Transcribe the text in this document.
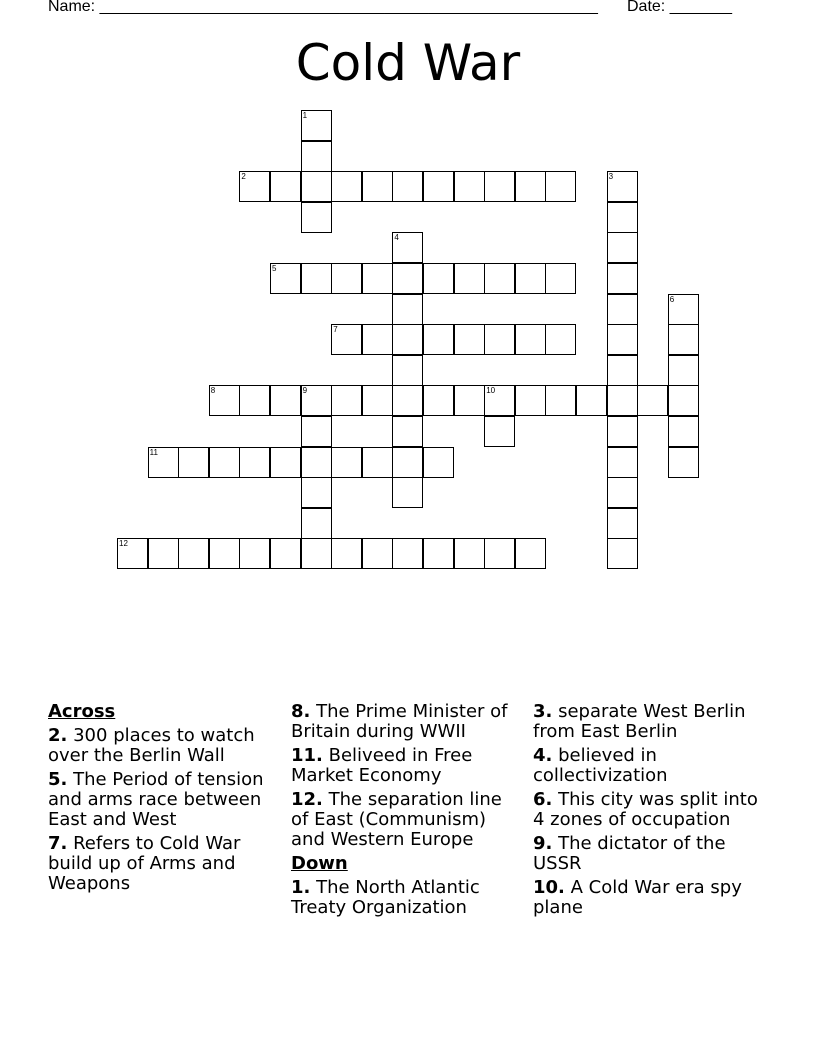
Name: ________________________________________________________ Date: _______
Cold War
1
2	3
4
5
6
7
8	9	10
11
12
Across
2. 300 places to watch over the Berlin Wall
5. The Period of tension and arms race between East and West
7. Refers to Cold War build up of Arms and Weapons
8. The Prime Minister of Britain during WWII
11. Beliveed in Free Market Economy
12. The separation line of East (Communism) and Western Europe
Down
1. The North Atlantic Treaty Organization
3. separate West Berlin from East Berlin
4. believed in collectivization
6. This city was split into 4 zones of occupation
9. The dictator of the USSR
10. A Cold War era spy plane
